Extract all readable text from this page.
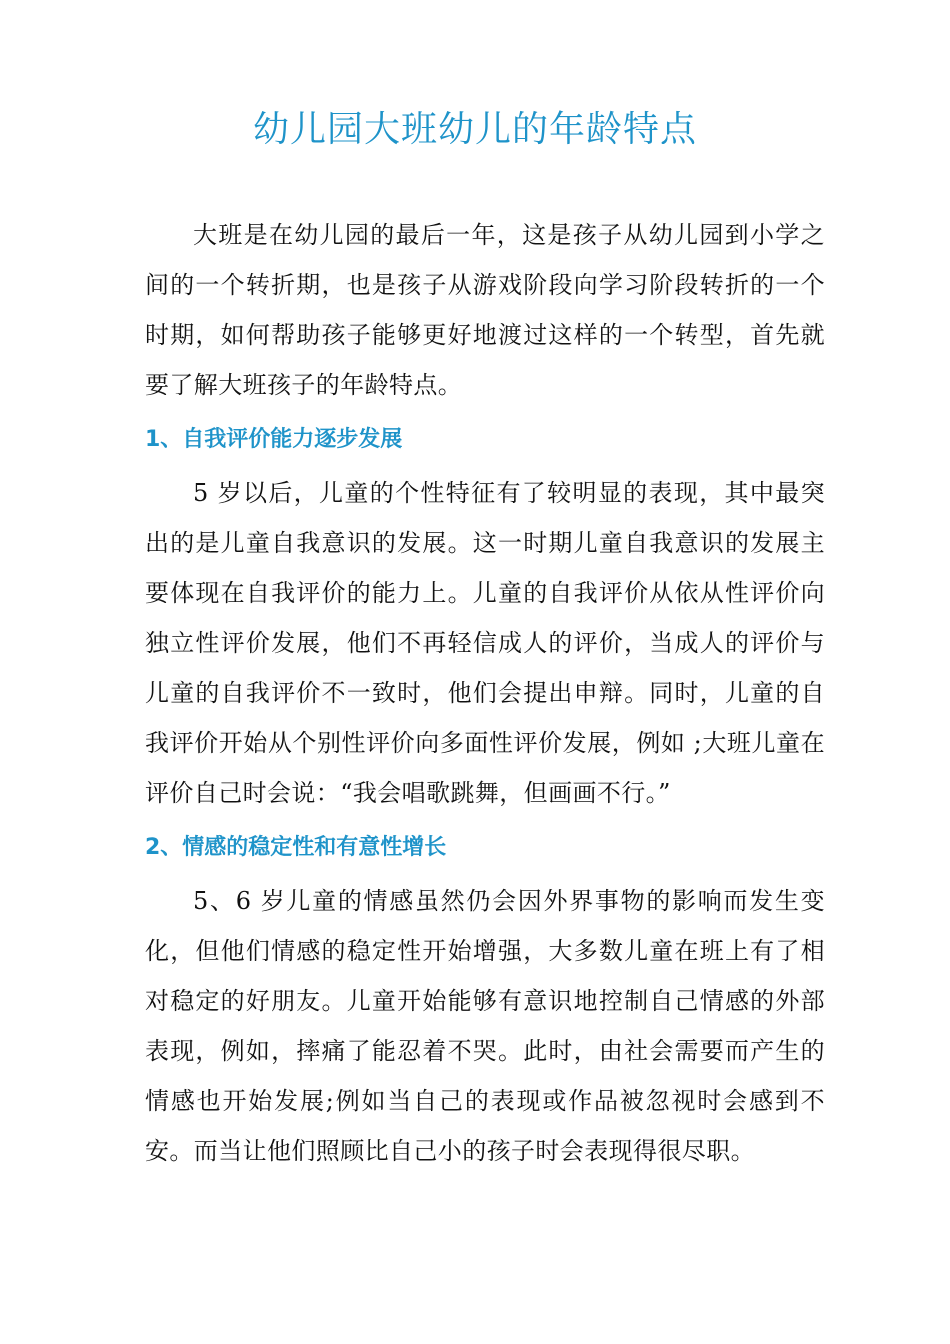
幼儿园大班幼儿的年龄特点

大班是在幼儿园的最后一年，这是孩子从幼儿园到小学之间的一个转折期，也是孩子从游戏阶段向学习阶段转折的一个时期，如何帮助孩子能够更好地渡过这样的一个转型，首先就要了解大班孩子的年龄特点。

1、自我评价能力逐步发展

5 岁以后，儿童的个性特征有了较明显的表现，其中最突出的是儿童自我意识的发展。这一时期儿童自我意识的发展主要体现在自我评价的能力上。儿童的自我评价从依从性评价向独立性评价发展，他们不再轻信成人的评价，当成人的评价与儿童的自我评价不一致时，他们会提出申辩。同时，儿童的自我评价开始从个别性评价向多面性评价发展，例如 ;大班儿童在评价自己时会说：“我会唱歌跳舞，但画画不行。”

2、情感的稳定性和有意性增长

5、6 岁儿童的情感虽然仍会因外界事物的影响而发生变化，但他们情感的稳定性开始增强，大多数儿童在班上有了相对稳定的好朋友。儿童开始能够有意识地控制自己情感的外部表现，例如，摔痛了能忍着不哭。此时，由社会需要而产生的情感也开始发展;例如当自己的表现或作品被忽视时会感到不安。而当让他们照顾比自己小的孩子时会表现得很尽职。
